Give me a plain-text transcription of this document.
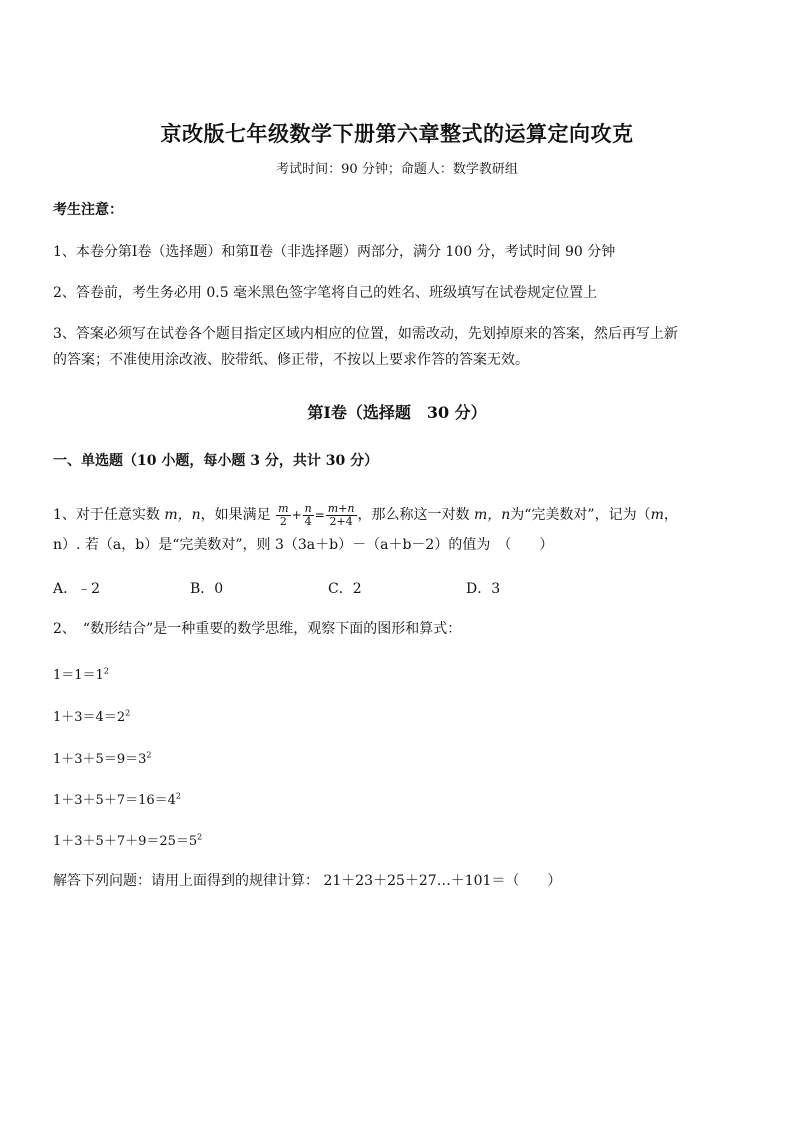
京改版七年级数学下册第六章整式的运算定向攻克
考试时间：90 分钟；命题人：数学教研组
考生注意：
1、本卷分第Ⅰ卷（选择题）和第Ⅱ卷（非选择题）两部分，满分 100 分，考试时间 90 分钟
2、答卷前，考生务必用 0.5 毫米黑色签字笔将自己的姓名、班级填写在试卷规定位置上
3、答案必须写在试卷各个题目指定区域内相应的位置，如需改动，先划掉原来的答案，然后再写上新
的答案；不准使用涂改液、胶带纸、修正带，不按以上要求作答的答案无效。
第Ⅰ卷（选择题　30 分）
一、单选题（10 小题，每小题 3 分，共计 30 分）
1、对于任意实数 m，n，如果满足 $\frac{m}{2} + \frac{n}{4} = \frac{m+n}{2+4}$ ，那么称这一对数 m，n为“完美数对”，记为（m，
n）. 若（a，b）是“完美数对”，则 3（3a＋b）－（a＋b－2）的值为　（　　）
A．﹣2	B．0	C．2	D．3
2、　“数形结合”是一种重要的数学思维，观察下面的图形和算式：
$1=1=1^2$
$1+3=4=2^2$
$1+3+5=9=3^2$
$1+3+5+7=16=4^2$
$1+3+5+7+9=25=5^2$
解答下列问题：请用上面得到的规律计算： 21＋23＋25＋27…＋101＝（　　）
